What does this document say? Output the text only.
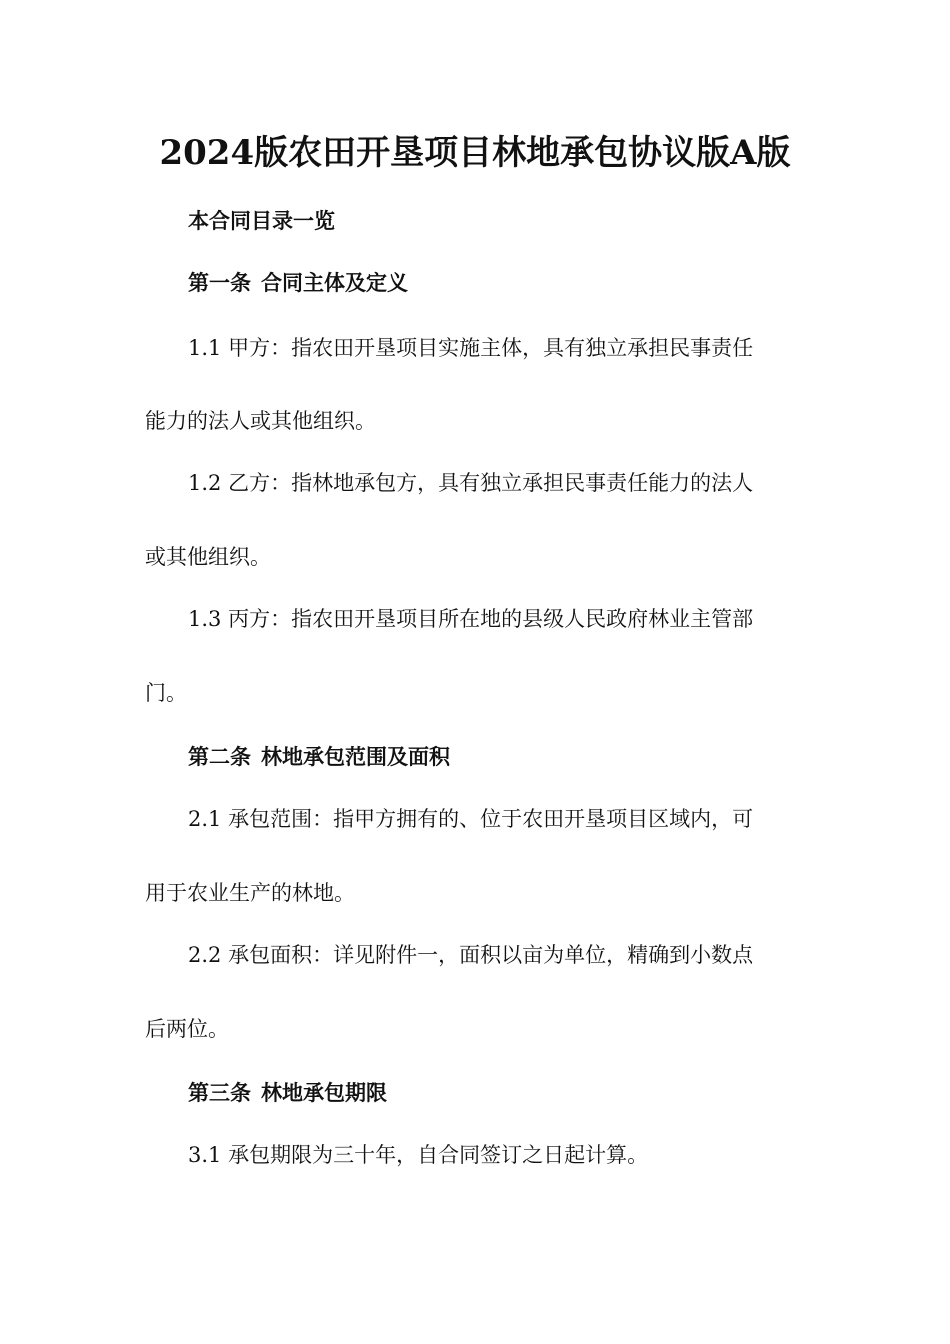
2024版农田开垦项目林地承包协议版A版
本合同目录一览
第一条 合同主体及定义
1.1 甲方：指农田开垦项目实施主体，具有独立承担民事责任
能力的法人或其他组织。
1.2 乙方：指林地承包方，具有独立承担民事责任能力的法人
或其他组织。
1.3 丙方：指农田开垦项目所在地的县级人民政府林业主管部
门。
第二条 林地承包范围及面积
2.1 承包范围：指甲方拥有的、位于农田开垦项目区域内，可
用于农业生产的林地。
2.2 承包面积：详见附件一，面积以亩为单位，精确到小数点
后两位。
第三条 林地承包期限
3.1 承包期限为三十年，自合同签订之日起计算。
